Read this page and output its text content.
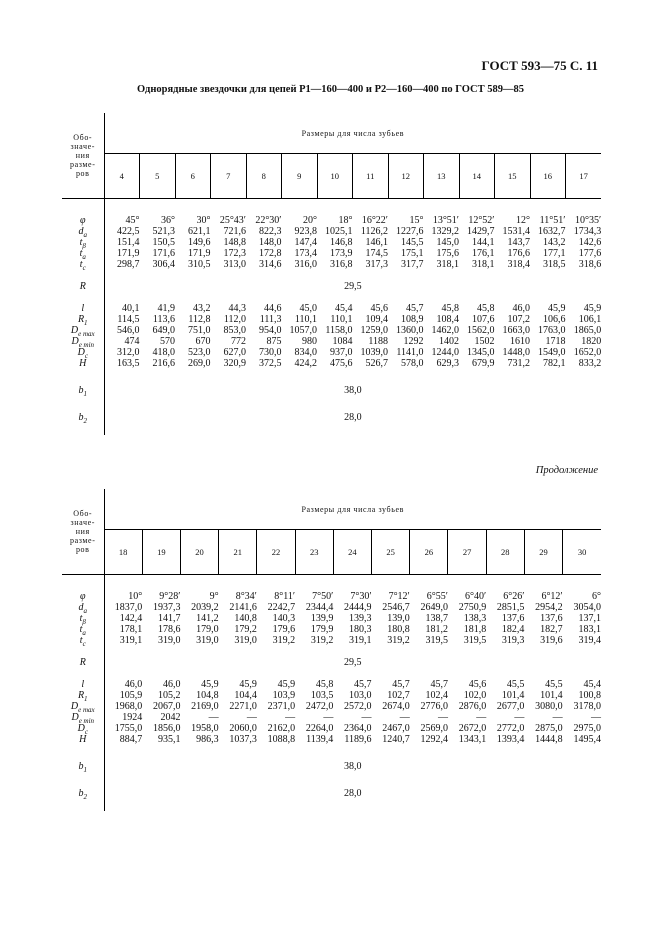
ГОСТ 593—75 С. 11
Однорядные звездочки для цепей Р1—160—400 и Р2—160—400 по ГОСТ 589—85
Обо-
значе-
ния
разме-
ров	Размеры для числа зубьев													
	4	5	6	7	8	9	10	11	12	13	14	15	16	17

φ	45°	36°	30°	25°43′	22°30′	20°	18°	16°22′	15°	13°51′	12°52′	12°	11°51′	10°35′
$d_a$	422,5	521,3	621,1	721,6	822,3	923,8	1025,1	1126,2	1227,6	1329,2	1429,7	1531,4	1632,7	1734,3
$t_\beta$	151,4	150,5	149,6	148,8	148,0	147,4	146,8	146,1	145,5	145,0	144,1	143,7	143,2	142,6
$t_a$	171,9	171,6	171,9	172,3	172,8	173,4	173,9	174,5	175,1	175,6	176,1	176,6	177,1	177,6
$t_c$	298,7	306,4	310,5	313,0	314,6	316,0	316,8	317,3	317,7	318,1	318,1	318,4	318,5	318,6

R	29,5													

l	40,1	41,9	43,2	44,3	44,6	45,0	45,4	45,6	45,7	45,8	45,8	46,0	45,9	45,9
$R_1$	114,5	113,6	112,8	112,0	111,3	110,1	110,1	109,4	108,9	108,4	107,6	107,2	106,6	106,1
$D_{e max}$	546,0	649,0	751,0	853,0	954,0	1057,0	1158,0	1259,0	1360,0	1462,0	1562,0	1663,0	1763,0	1865,0
$D_{e min}$	474	570	670	772	875	980	1084	1188	1292	1402	1502	1610	1718	1820
$D_c$	312,0	418,0	523,0	627,0	730,0	834,0	937,0	1039,0	1141,0	1244,0	1345,0	1448,0	1549,0	1652,0
H	163,5	216,6	269,0	320,9	372,5	424,2	475,6	526,7	578,0	629,3	679,9	731,2	782,1	833,2

$b_1$	38,0													

$b_2$	28,0													

Продолжение
Обо-
значе-
ния
разме-
ров	Размеры для числа зубьев												
	18	19	20	21	22	23	24	25	26	27	28	29	30

φ	10°	9°28′	9°	8°34′	8°11′	7°50′	7°30′	7°12′	6°55′	6°40′	6°26′	6°12′	6°
$d_a$	1837,0	1937,3	2039,2	2141,6	2242,7	2344,4	2444,9	2546,7	2649,0	2750,9	2851,5	2954,2	3054,0
$t_\beta$	142,4	141,7	141,2	140,8	140,3	139,9	139,3	139,0	138,7	138,3	137,6	137,6	137,1
$t_a$	178,1	178,6	179,0	179,2	179,6	179,9	180,3	180,8	181,2	181,8	182,4	182,7	183,1
$t_c$	319,1	319,0	319,0	319,0	319,2	319,2	319,1	319,2	319,5	319,5	319,3	319,6	319,4

R	29,5												

l	46,0	46,0	45,9	45,9	45,9	45,8	45,7	45,7	45,7	45,6	45,5	45,5	45,4
$R_1$	105,9	105,2	104,8	104,4	103,9	103,5	103,0	102,7	102,4	102,0	101,4	101,4	100,8
$D_{e max}$	1968,0	2067,0	2169,0	2271,0	2371,0	2472,0	2572,0	2674,0	2776,0	2876,0	2677,0	3080,0	3178,0
$D_{e min}$	1924	2042	—	—	—	—	—	—	—	—	—	—	—
$D_c$	1755,0	1856,0	1958,0	2060,0	2162,0	2264,0	2364,0	2467,0	2569,0	2672,0	2772,0	2875,0	2975,0
H	884,7	935,1	986,3	1037,3	1088,8	1139,4	1189,6	1240,7	1292,4	1343,1	1393,4	1444,8	1495,4

$b_1$	38,0												

$b_2$	28,0												
